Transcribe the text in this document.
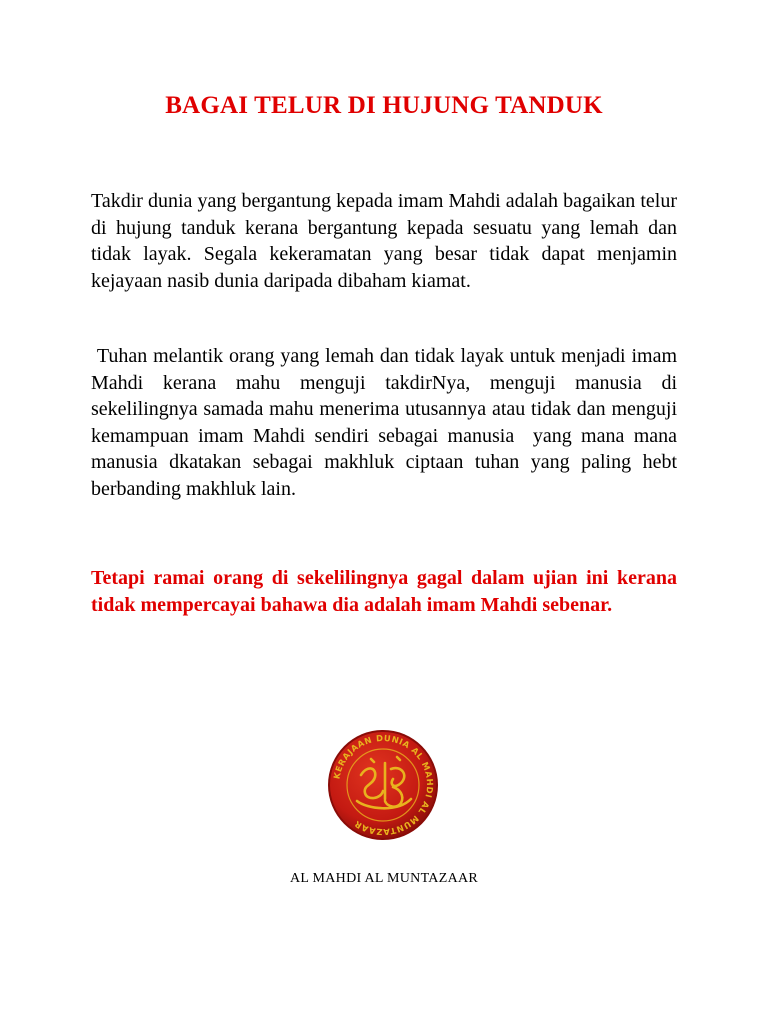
BAGAI TELUR DI HUJUNG TANDUK

Takdir dunia yang bergantung kepada imam Mahdi adalah bagaikan telur di hujung tanduk kerana bergantung kepada sesuatu yang lemah dan tidak layak. Segala kekeramatan yang besar tidak dapat menjamin kejayaan nasib dunia daripada dibaham kiamat.

Tuhan melantik orang yang lemah dan tidak layak untuk menjadi imam Mahdi kerana mahu menguji takdirNya, menguji manusia di sekelilingnya samada mahu menerima utusannya atau tidak dan menguji kemampuan imam Mahdi sendiri sebagai manusia  yang mana mana manusia dkatakan sebagai makhluk ciptaan tuhan yang paling hebt berbanding makhluk lain.

Tetapi ramai orang di sekelilingnya gagal dalam ujian ini kerana tidak mempercayai bahawa dia adalah imam Mahdi sebenar.

KERAJAAN DUNIA AL MAHDI AL MUNTAZAAR
AL MAHDI AL MUNTAZAAR
